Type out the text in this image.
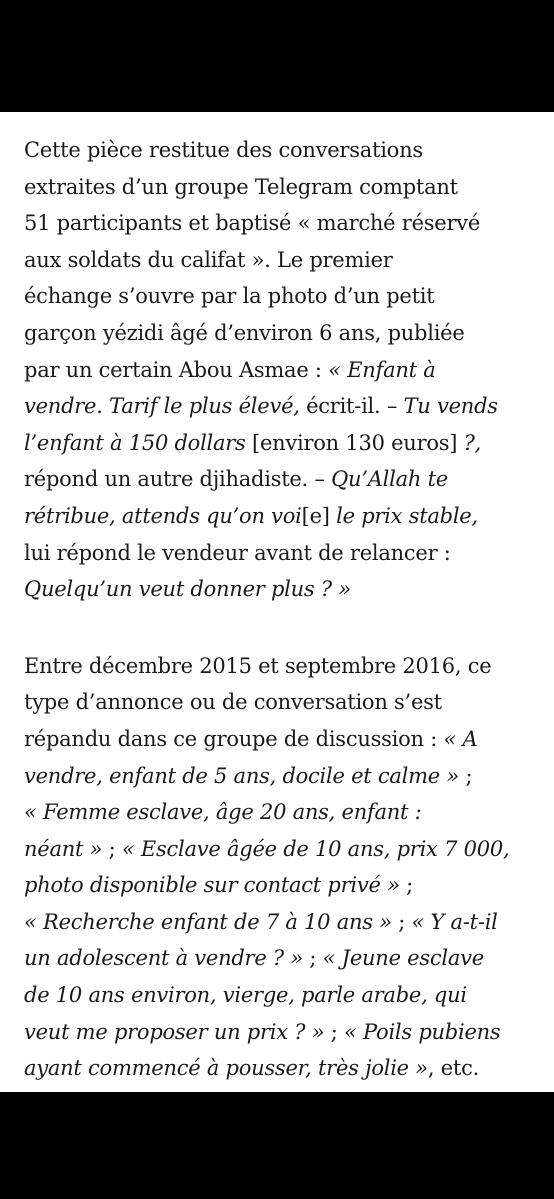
Cette pièce restitue des conversations
extraites d’un groupe Telegram comptant
51 participants et baptisé « marché réservé
aux soldats du califat ». Le premier
échange s’ouvre par la photo d’un petit
garçon yézidi âgé d’environ 6 ans, publiée
par un certain Abou Asmae : « Enfant à
vendre. Tarif le plus élevé, écrit-il. – Tu vends
l’enfant à 150 dollars [environ 130 euros] ?,
répond un autre djihadiste. – Qu’Allah te
rétribue, attends qu’on voi[e] le prix stable,
lui répond le vendeur avant de relancer :
Quelqu’un veut donner plus ? »

Entre décembre 2015 et septembre 2016, ce
type d’annonce ou de conversation s’est
répandu dans ce groupe de discussion : « A
vendre, enfant de 5 ans, docile et calme » ;
« Femme esclave, âge 20 ans, enfant :
néant » ; « Esclave âgée de 10 ans, prix 7 000,
photo disponible sur contact privé » ;
« Recherche enfant de 7 à 10 ans » ; « Y a-t-il
un adolescent à vendre ? » ; « Jeune esclave
de 10 ans environ, vierge, parle arabe, qui
veut me proposer un prix ? » ; « Poils pubiens
ayant commencé à pousser, très jolie », etc.
